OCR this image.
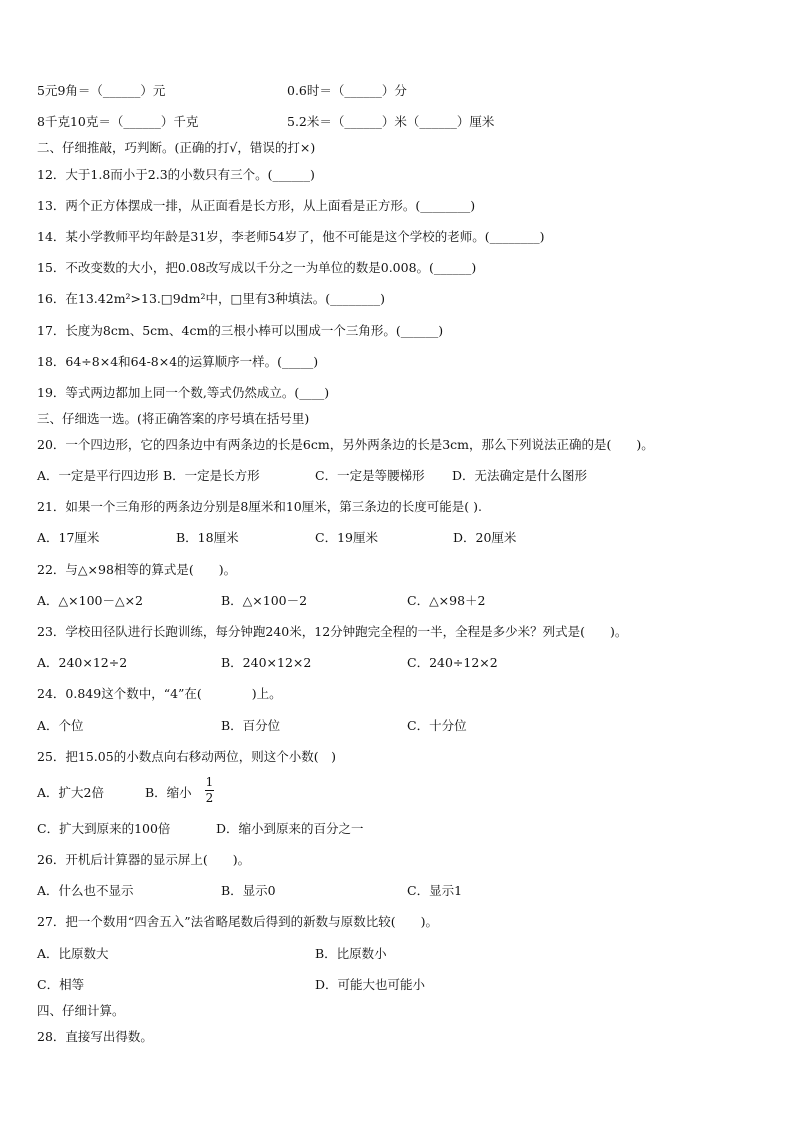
5元9角＝（______）元	0.6时＝（______）分
8千克10克＝（______）千克	5.2米＝（______）米（______）厘米
二、仔细推敲，巧判断。(正确的打√，错误的打×)
12．大于1.8而小于2.3的小数只有三个。(______)
13．两个正方体摆成一排，从正面看是长方形，从上面看是正方形。(________)
14．某小学教师平均年龄是31岁，李老师54岁了，他不可能是这个学校的老师。(________)
15．不改变数的大小，把0.08改写成以千分之一为单位的数是0.008。(______)
16．在13.42m²>13.□9dm²中，□里有3种填法。(________)
17．长度为8cm、5cm、4cm的三根小棒可以围成一个三角形。(______)
18．64÷8×4和64-8×4的运算顺序一样。(_____)
19．等式两边都加上同一个数,等式仍然成立。(____)
三、仔细选一选。(将正确答案的序号填在括号里)
20．一个四边形，它的四条边中有两条边的长是6cm，另外两条边的长是3cm，那么下列说法正确的是(　　)。
A．一定是平行四边形 B．一定是长方形	C．一定是等腰梯形 D．无法确定是什么图形
21．如果一个三角形的两条边分别是8厘米和10厘米，第三条边的长度可能是( ).
A．17厘米	B．18厘米	C．19厘米	D．20厘米
22．与△×98相等的算式是(　　)。
A．△×100－△×2	B．△×100－2	C．△×98＋2
23．学校田径队进行长跑训练，每分钟跑240米，12分钟跑完全程的一半，全程是多少米？列式是(　　)。
A．240×12÷2	B．240×12×2	C．240÷12×2
24．0.849这个数中，“4”在(　　　　)上。
A．个位	B．百分位	C．十分位
25．把15.05的小数点向右移动两位，则这个小数(　)
A．扩大2倍	B．缩小
1
2
C．扩大到原来的100倍	D．缩小到原来的百分之一
26．开机后计算器的显示屏上(　　)。
A．什么也不显示	B．显示0	C．显示1
27．把一个数用“四舍五入”法省略尾数后得到的新数与原数比较(　　)。
A．比原数大	B．比原数小
C．相等	D．可能大也可能小
四、仔细计算。
28．直接写出得数。
